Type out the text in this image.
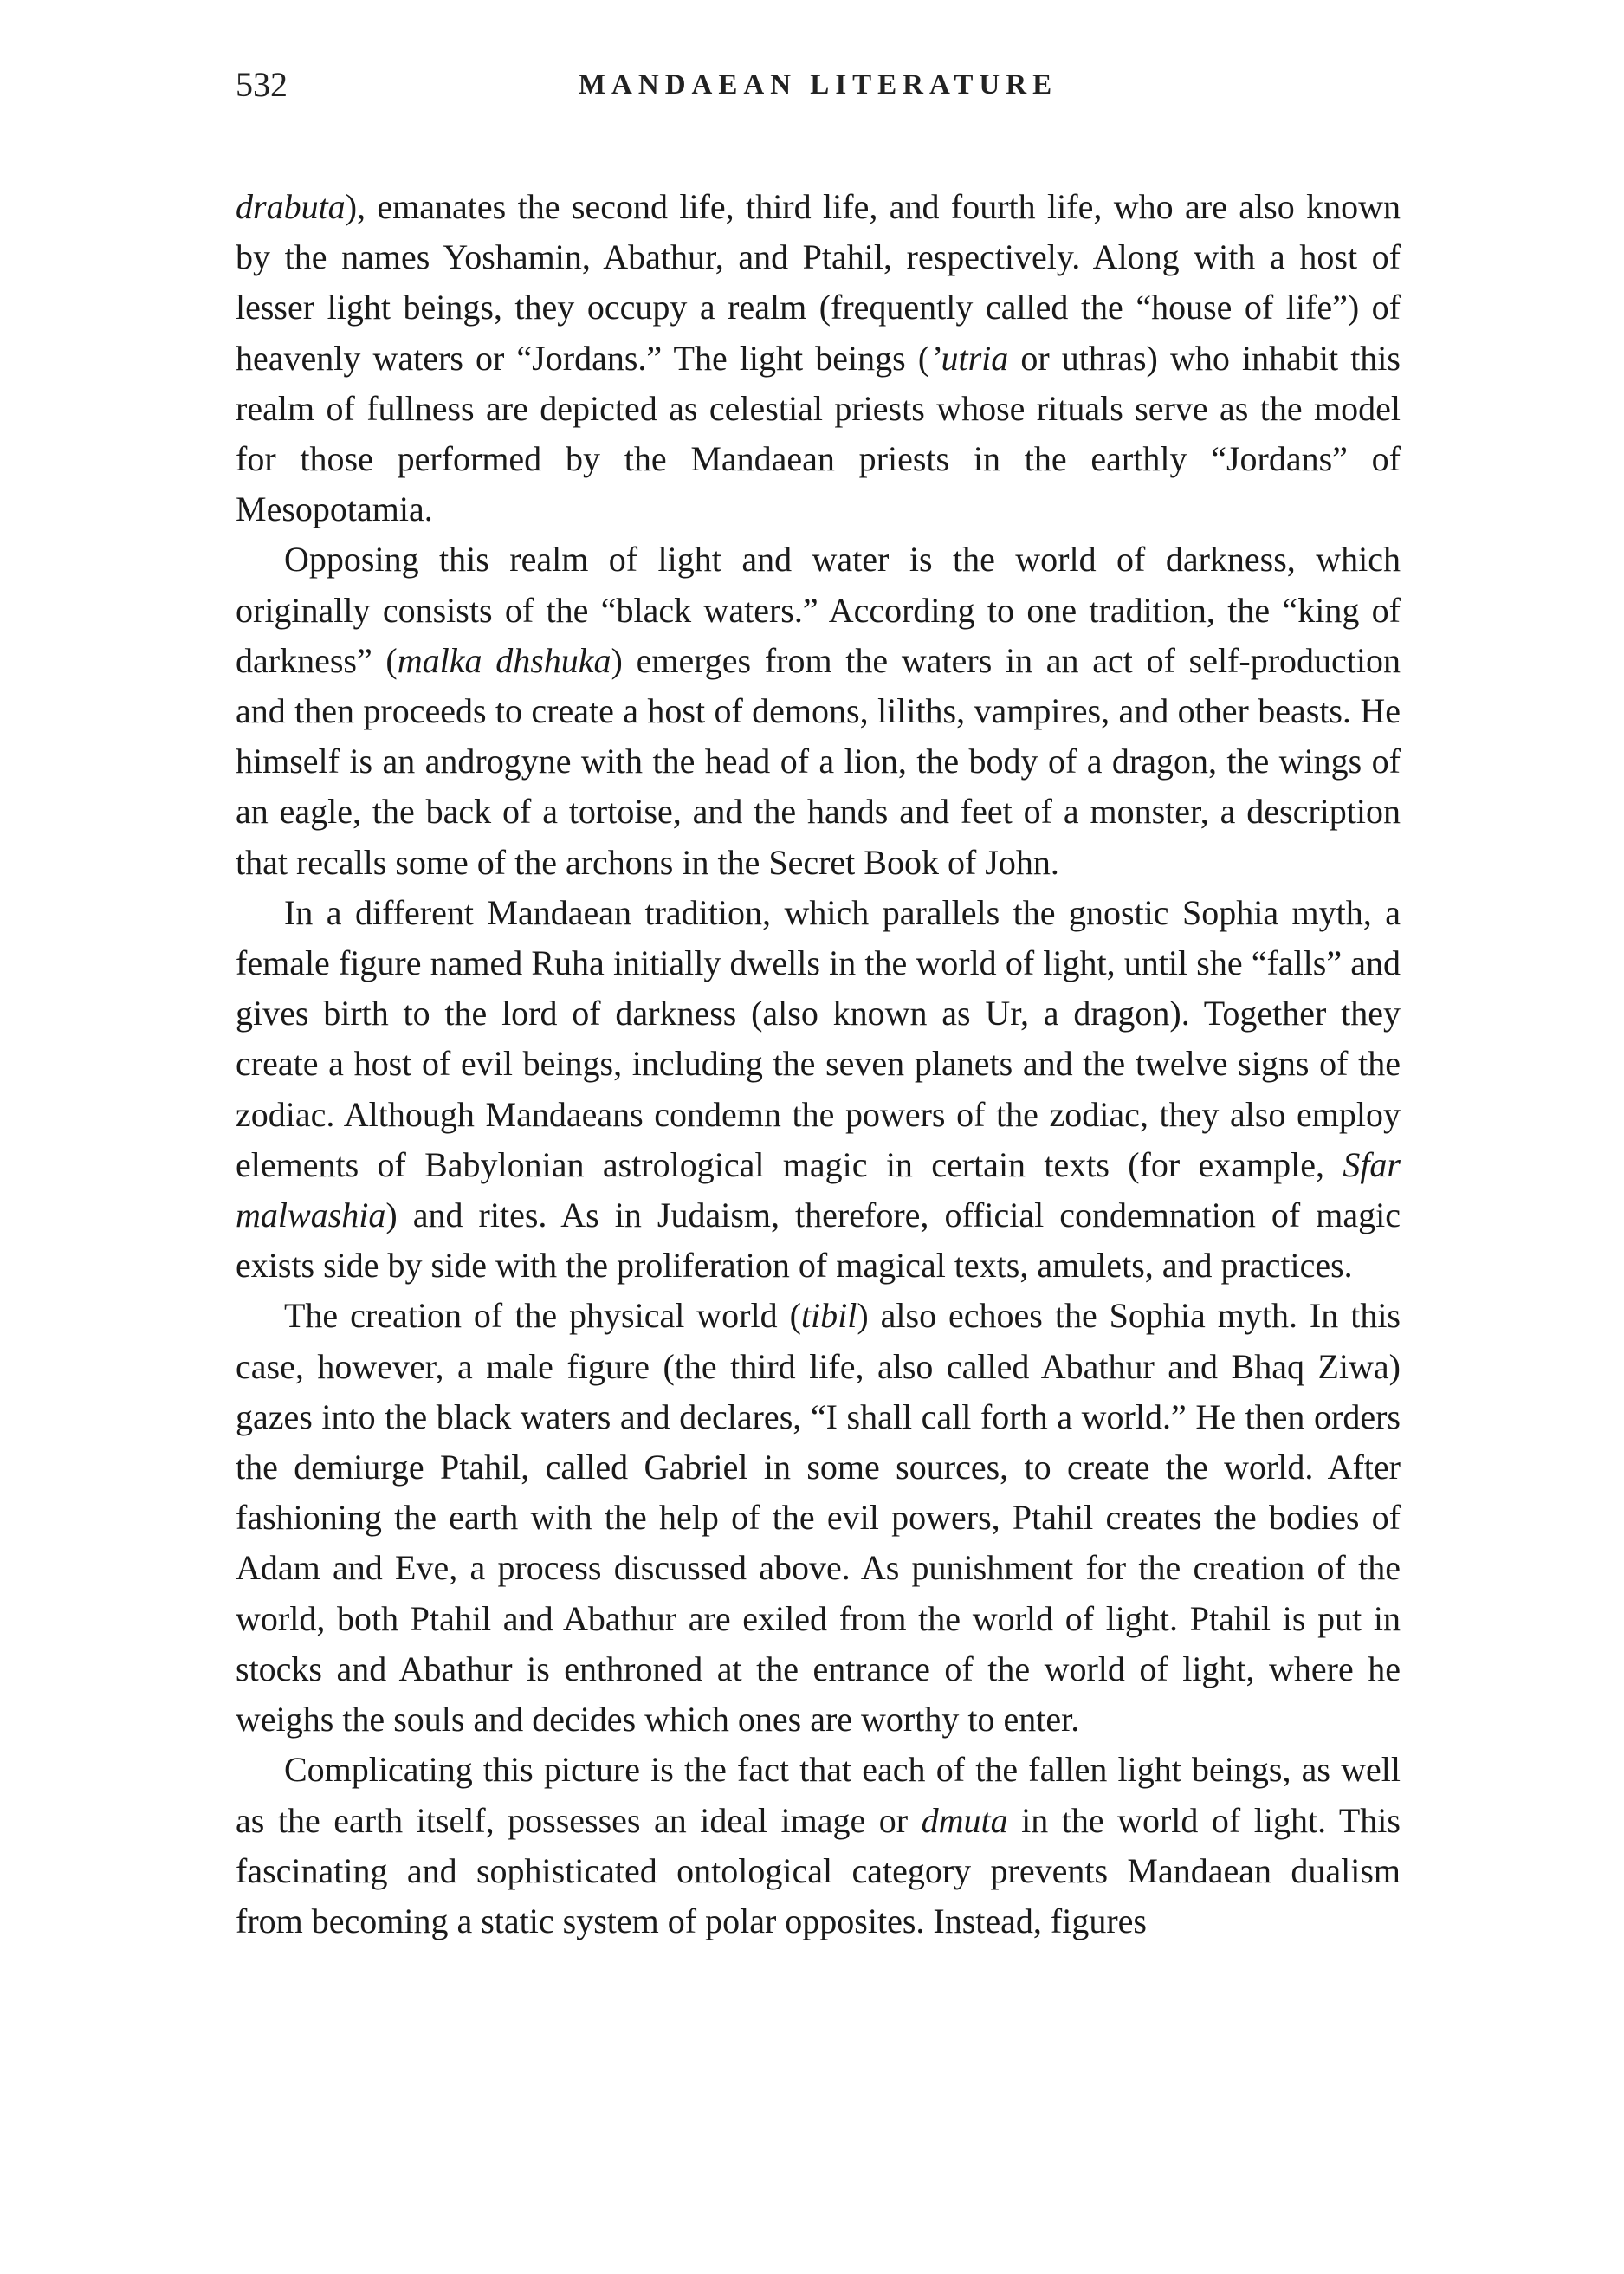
532	MANDAEAN LITERATURE

drabuta), emanates the second life, third life, and fourth life, who are also known by the names Yoshamin, Abathur, and Ptahil, respectively. Along with a host of lesser light beings, they occupy a realm (frequently called the “house of life”) of heavenly waters or “Jordans.” The light beings (’utria or uthras) who inhabit this realm of fullness are depicted as celestial priests whose rituals serve as the model for those performed by the Mandaean priests in the earthly “Jordans” of Mesopotamia.

Opposing this realm of light and water is the world of darkness, which originally consists of the “black waters.” According to one tradition, the “king of darkness” (malka dhshuka) emerges from the waters in an act of self-production and then proceeds to create a host of demons, liliths, vampires, and other beasts. He himself is an androgyne with the head of a lion, the body of a dragon, the wings of an eagle, the back of a tortoise, and the hands and feet of a monster, a description that recalls some of the archons in the Secret Book of John.

In a different Mandaean tradition, which parallels the gnostic Sophia myth, a female figure named Ruha initially dwells in the world of light, until she “falls” and gives birth to the lord of darkness (also known as Ur, a dragon). Together they create a host of evil beings, including the seven planets and the twelve signs of the zodiac. Although Mandaeans condemn the powers of the zodiac, they also employ elements of Babylonian astrological magic in certain texts (for example, Sfar malwashia) and rites. As in Judaism, therefore, official condemnation of magic exists side by side with the proliferation of magical texts, amulets, and practices.

The creation of the physical world (tibil) also echoes the Sophia myth. In this case, however, a male figure (the third life, also called Abathur and Bhaq Ziwa) gazes into the black waters and declares, “I shall call forth a world.” He then orders the demiurge Ptahil, called Gabriel in some sources, to create the world. After fashioning the earth with the help of the evil powers, Ptahil creates the bodies of Adam and Eve, a process discussed above. As punishment for the creation of the world, both Ptahil and Abathur are exiled from the world of light. Ptahil is put in stocks and Abathur is enthroned at the entrance of the world of light, where he weighs the souls and decides which ones are worthy to enter.

Complicating this picture is the fact that each of the fallen light beings, as well as the earth itself, possesses an ideal image or dmuta in the world of light. This fascinating and sophisticated ontological category prevents Mandaean dualism from becoming a static system of polar opposites. Instead, figures
